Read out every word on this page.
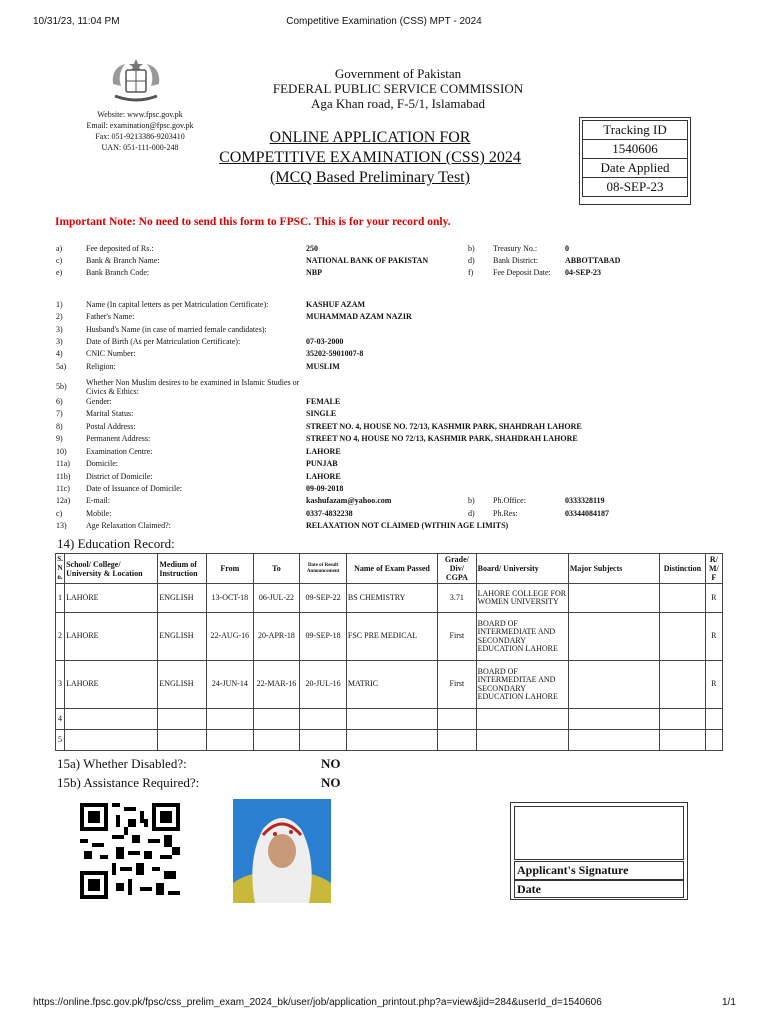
10/31/23, 11:04 PM	Competitive Examination (CSS) MPT - 2024
Website: www.fpsc.gov.pk
Email: examination@fpsc.gov.pk
Fax: 051-9213386-9203410
UAN: 051-111-000-248
Government of Pakistan
FEDERAL PUBLIC SERVICE COMMISSION
Aga Khan road, F-5/1, Islamabad
ONLINE APPLICATION FOR
COMPETITIVE EXAMINATION (CSS) 2024
(MCQ Based Preliminary Test)
Tracking ID
1540606
Date Applied
08-SEP-23
Important Note: No need to send this form to FPSC. This is for your record only.
a)	Fee deposited of Rs.:	250	b) Treasury No.:	0
c)	Bank & Branch Name:	NATIONAL BANK OF PAKISTAN	d) Bank District:	ABBOTTABAD
e)	Bank Branch Code:	NBP	f) Fee Deposit Date: 04-SEP-23
1)	Name (In capital letters as per Matriculation Certificate):	KASHUF AZAM
2)	Father's Name:	MUHAMMAD AZAM NAZIR
3)	Husband's Name (in case of married female candidates):
3)	Date of Birth (As per Matriculation Certificate):	07-03-2000
4)	CNIC Number:	35202-5901007-8
5a) Religion:	MUSLIM
5b) Whether Non Muslim desires to be examined in Islamic Studies or Civics & Ethics:
6)	Gender:	FEMALE
7)	Marital Status:	SINGLE
8)	Postal Address:	STREET NO. 4, HOUSE NO. 72/13, KASHMIR PARK, SHAHDRAH LAHORE
9)	Permanent Address:	STREET NO 4, HOUSE NO 72/13, KASHMIR PARK, SHAHDRAH LAHORE
10) Examination Centre:	LAHORE
11a) Domicile:	PUNJAB
11b) District of Domicile:	LAHORE
11c) Date of Issuance of Domicile:	09-09-2018
12a) E-mail:	kashufazam@yahoo.com	b) Ph.Office:	0333328119
c)	Mobile:	0337-4832238	d) Ph.Res:	03344084187
13) Age Relaxation Claimed?:	RELAXATION NOT CLAIMED (WITHIN AGE LIMITS)
14) Education Record:
S. N o.	School/ College/ University & Location	Medium of Instruction	From	To	Date of Result Announcement	Name of Exam Passed	Grade/ Div/ CGPA	Board/ University	Major Subjects	Distinction	R/ M/ F
1	LAHORE	ENGLISH	13-OCT-18	06-JUL-22	09-SEP-22	BS CHEMISTRY	3.71	LAHORE COLLEGE FOR WOMEN UNIVERSITY			R
2	LAHORE	ENGLISH	22-AUG-16	20-APR-18	09-SEP-18	FSC PRE MEDICAL	First	BOARD OF INTERMEDIATE AND SECONDARY EDUCATION LAHORE			R
3	LAHORE	ENGLISH	24-JUN-14	22-MAR-16	20-JUL-16	MATRIC	First	BOARD OF INTERMEDITAE AND SECONDARY EDUCATION LAHORE			R
4											
5											
15a) Whether Disabled?:	NO
15b) Assistance Required?:	NO
Applicant's Signature
Date
https://online.fpsc.gov.pk/fpsc/css_prelim_exam_2024_bk/user/job/application_printout.php?a=view&jid=284&userId_d=1540606	1/1
